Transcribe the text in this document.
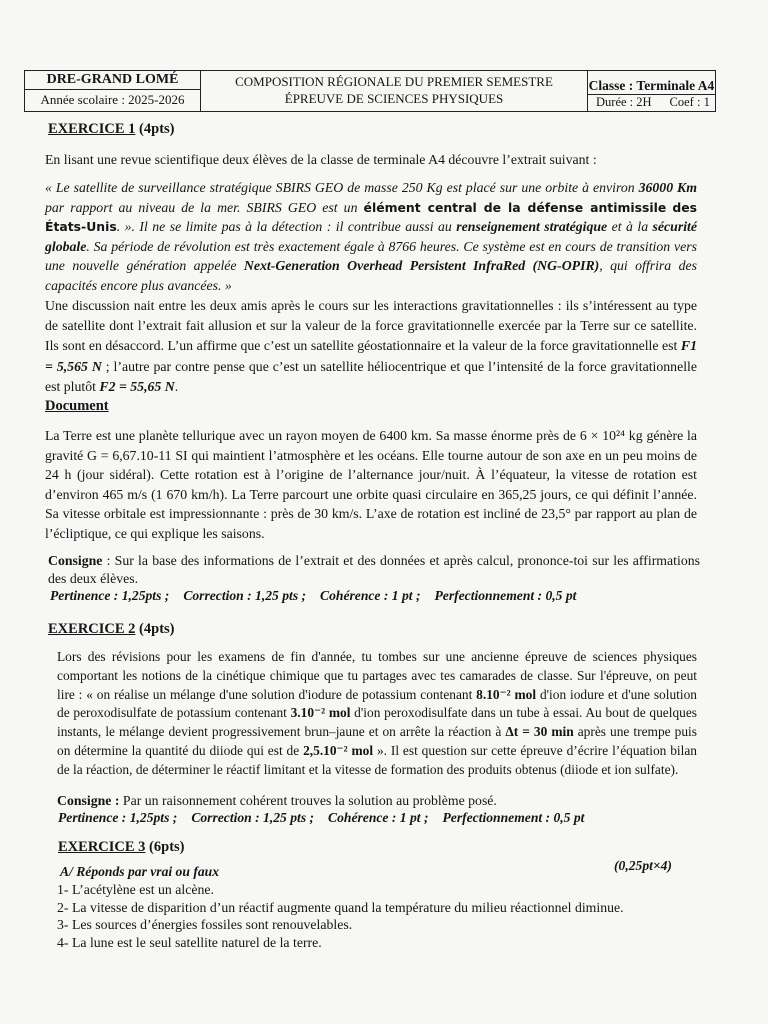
DRE-GRAND LOMÉ
Année scolaire : 2025-2026
COMPOSITION RÉGIONALE DU PREMIER SEMESTRE
ÉPREUVE DE SCIENCES PHYSIQUES
Classe : Terminale A4
Durée : 2H Coef : 1

EXERCICE 1 (4pts)

En lisant une revue scientifique deux élèves de la classe de terminale A4 découvre l’extrait suivant :

« Le satellite de surveillance stratégique SBIRS GEO de masse 250 Kg est placé sur une orbite à environ 36000 Km par rapport au niveau de la mer. SBIRS GEO est un élément central de la défense antimissile des États-Unis. ». Il ne se limite pas à la détection : il contribue aussi au renseignement stratégique et à la sécurité globale. Sa période de révolution est très exactement égale à 8766 heures. Ce système est en cours de transition vers une nouvelle génération appelée Next-Generation Overhead Persistent InfraRed (NG-OPIR), qui offrira des capacités encore plus avancées. »

Une discussion nait entre les deux amis après le cours sur les interactions gravitationnelles : ils s’intéressent au type de satellite dont l’extrait fait allusion et sur la valeur de la force gravitationnelle exercée par la Terre sur ce satellite. Ils sont en désaccord. L’un affirme que c’est un satellite géostationnaire et la valeur de la force gravitationnelle est F1 = 5,565 N ; l’autre par contre pense que c’est un satellite héliocentrique et que l’intensité de la force gravitationnelle est plutôt F2 = 55,65 N.

Document

La Terre est une planète tellurique avec un rayon moyen de 6400 km. Sa masse énorme près de 6 × 10²⁴ kg génère la gravité G = 6,67.10-11 SI qui maintient l’atmosphère et les océans. Elle tourne autour de son axe en un peu moins de 24 h (jour sidéral). Cette rotation est à l’origine de l’alternance jour/nuit. À l’équateur, la vitesse de rotation est d’environ 465 m/s (1 670 km/h). La Terre parcourt une orbite quasi circulaire en 365,25 jours, ce qui définit l’année. Sa vitesse orbitale est impressionnante : près de 30 km/s. L’axe de rotation est incliné de 23,5° par rapport au plan de l’écliptique, ce qui explique les saisons.

Consigne : Sur la base des informations de l’extrait et des données et après calcul, prononce-toi sur les affirmations des deux élèves.

Pertinence : 1,25pts ; Correction : 1,25 pts ; Cohérence : 1 pt ; Perfectionnement : 0,5 pt

EXERCICE 2 (4pts)

Lors des révisions pour les examens de fin d'année, tu tombes sur une ancienne épreuve de sciences physiques comportant les notions de la cinétique chimique que tu partages avec tes camarades de classe. Sur l'épreuve, on peut lire : « on réalise un mélange d'une solution d'iodure de potassium contenant 8.10⁻² mol d'ion iodure et d'une solution de peroxodisulfate de potassium contenant 3.10⁻² mol d'ion peroxodisulfate dans un tube à essai. Au bout de quelques instants, le mélange devient progressivement brun–jaune et on arrête la réaction à Δt = 30 min après une trempe puis on détermine la quantité du diiode qui est de 2,5.10⁻² mol ». Il est question sur cette épreuve d’écrire l’équation bilan de la réaction, de déterminer le réactif limitant et la vitesse de formation des produits obtenus (diiode et ion sulfate).

Consigne : Par un raisonnement cohérent trouves la solution au problème posé.

Pertinence : 1,25pts ; Correction : 1,25 pts ; Cohérence : 1 pt ; Perfectionnement : 0,5 pt

EXERCICE 3 (6pts)

A/ Réponds par vrai ou faux	(0,25pt×4)

1- L’acétylène est un alcène.
2- La vitesse de disparition d’un réactif augmente quand la température du milieu réactionnel diminue.
3- Les sources d’énergies fossiles sont renouvelables.
4- La lune est le seul satellite naturel de la terre.
